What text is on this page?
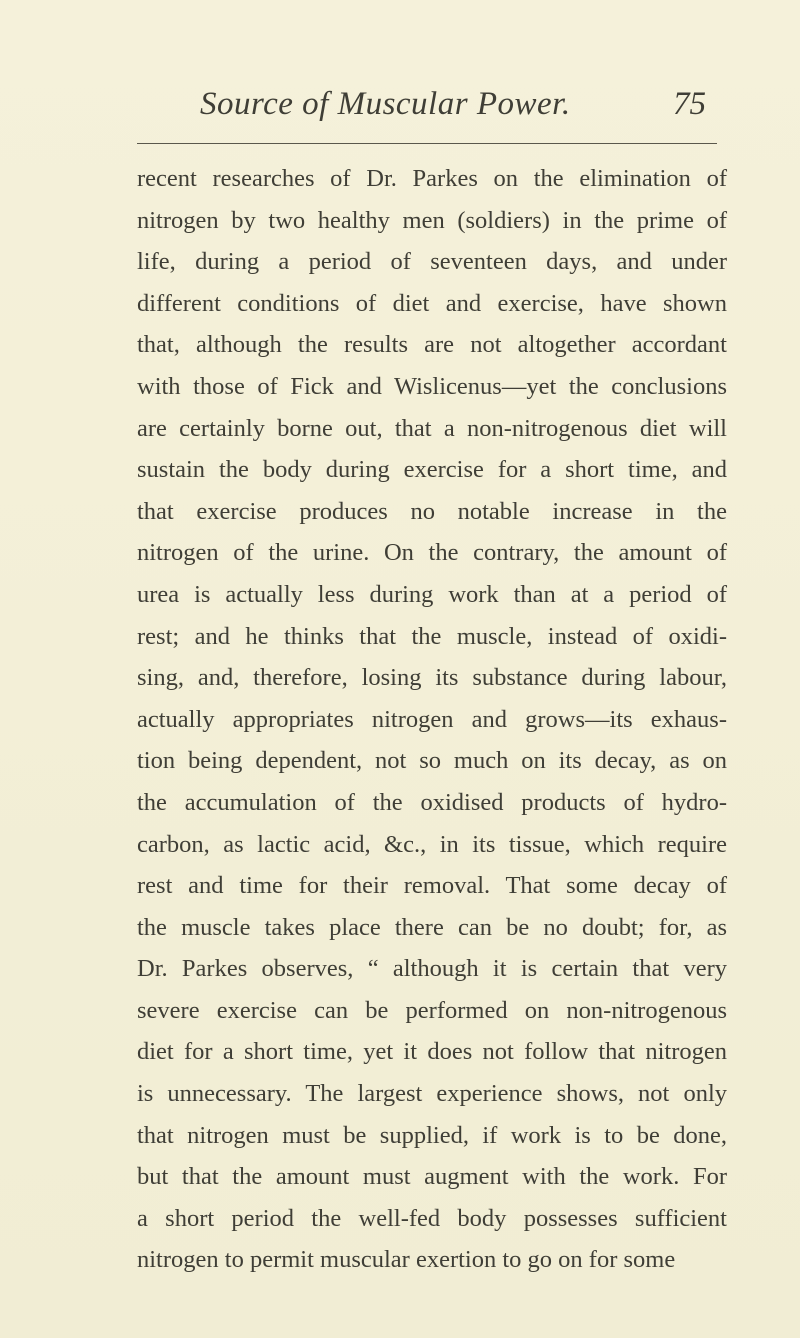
Source of Muscular Power.	75
recent researches of Dr. Parkes on the elimination of
nitrogen by two healthy men (soldiers) in the prime of
life, during a period of seventeen days, and under
different conditions of diet and exercise, have shown
that, although the results are not altogether accordant
with those of Fick and Wislicenus—yet the conclusions
are certainly borne out, that a non-nitrogenous diet will
sustain the body during exercise for a short time, and
that exercise produces no notable increase in the
nitrogen of the urine. On the contrary, the amount of
urea is actually less during work than at a period of
rest; and he thinks that the muscle, instead of oxidi-
sing, and, therefore, losing its substance during labour,
actually appropriates nitrogen and grows—its exhaus-
tion being dependent, not so much on its decay, as on
the accumulation of the oxidised products of hydro-
carbon, as lactic acid, &c., in its tissue, which require
rest and time for their removal. That some decay of
the muscle takes place there can be no doubt; for, as
Dr. Parkes observes, “ although it is certain that very
severe exercise can be performed on non-nitrogenous
diet for a short time, yet it does not follow that nitrogen
is unnecessary. The largest experience shows, not only
that nitrogen must be supplied, if work is to be done,
but that the amount must augment with the work. For
a short period the well-fed body possesses sufficient
nitrogen to permit muscular exertion to go on for some
